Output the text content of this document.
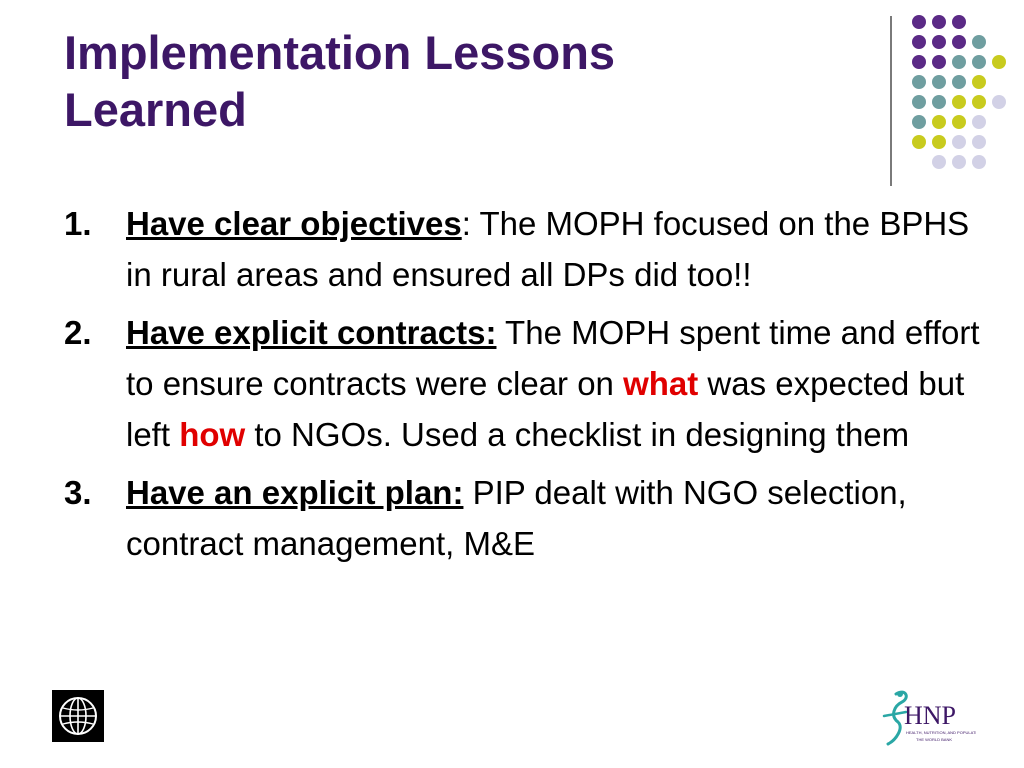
Implementation Lessons
Learned
1.	Have clear objectives: The MOPH focused on the BPHS in rural areas and ensured all DPs did too!!
2.	Have explicit contracts: The MOPH spent time and effort to ensure contracts were clear on what was expected but left how to NGOs. Used a checklist in designing them
3.	Have an explicit plan: PIP dealt with NGO selection, contract management, M&E
HNP
HEALTH, NUTRITION, AND POPULATION
THE WORLD BANK
